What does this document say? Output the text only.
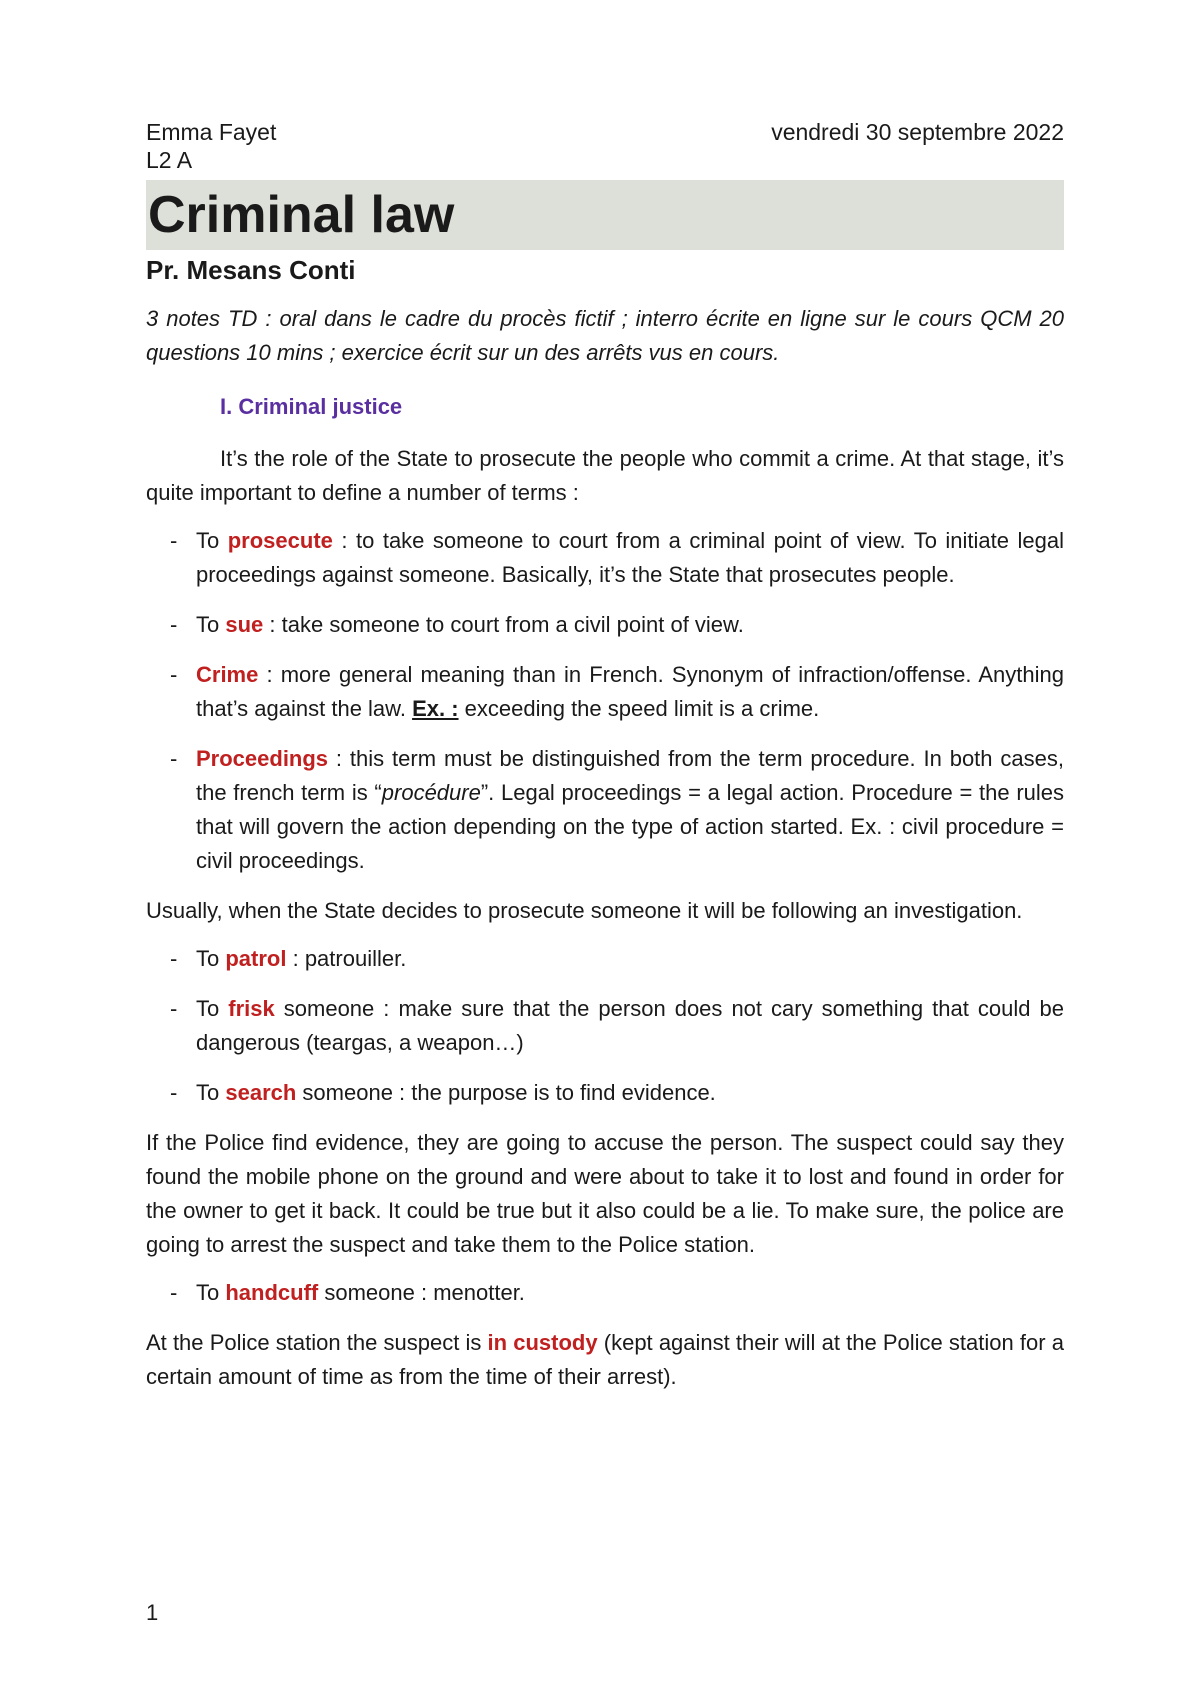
Emma Fayet	vendredi 30 septembre 2022
L2 A
Criminal law
Pr. Mesans Conti

3 notes TD : oral dans le cadre du procès fictif ; interro écrite en ligne sur le cours QCM 20 questions 10 mins ; exercice écrit sur un des arrêts vus en cours.

I. Criminal justice

It’s the role of the State to prosecute the people who commit a crime. At that stage, it’s quite important to define a number of terms :

- To prosecute : to take someone to court from a criminal point of view. To initiate legal proceedings against someone. Basically, it’s the State that prosecutes people.
- To sue : take someone to court from a civil point of view.
- Crime : more general meaning than in French. Synonym of infraction/offense. Anything that’s against the law. Ex. : exceeding the speed limit is a crime.
- Proceedings : this term must be distinguished from the term procedure. In both cases, the french term is “procédure”. Legal proceedings = a legal action. Procedure = the rules that will govern the action depending on the type of action started. Ex. : civil procedure = civil proceedings.

Usually, when the State decides to prosecute someone it will be following an investigation.

- To patrol : patrouiller.
- To frisk someone : make sure that the person does not cary something that could be dangerous (teargas, a weapon…)
- To search someone : the purpose is to find evidence.

If the Police find evidence, they are going to accuse the person. The suspect could say they found the mobile phone on the ground and were about to take it to lost and found in order for the owner to get it back. It could be true but it also could be a lie. To make sure, the police are going to arrest the suspect and take them to the Police station.

- To handcuff someone : menotter.

At the Police station the suspect is in custody (kept against their will at the Police station for a certain amount of time as from the time of their arrest).

1
